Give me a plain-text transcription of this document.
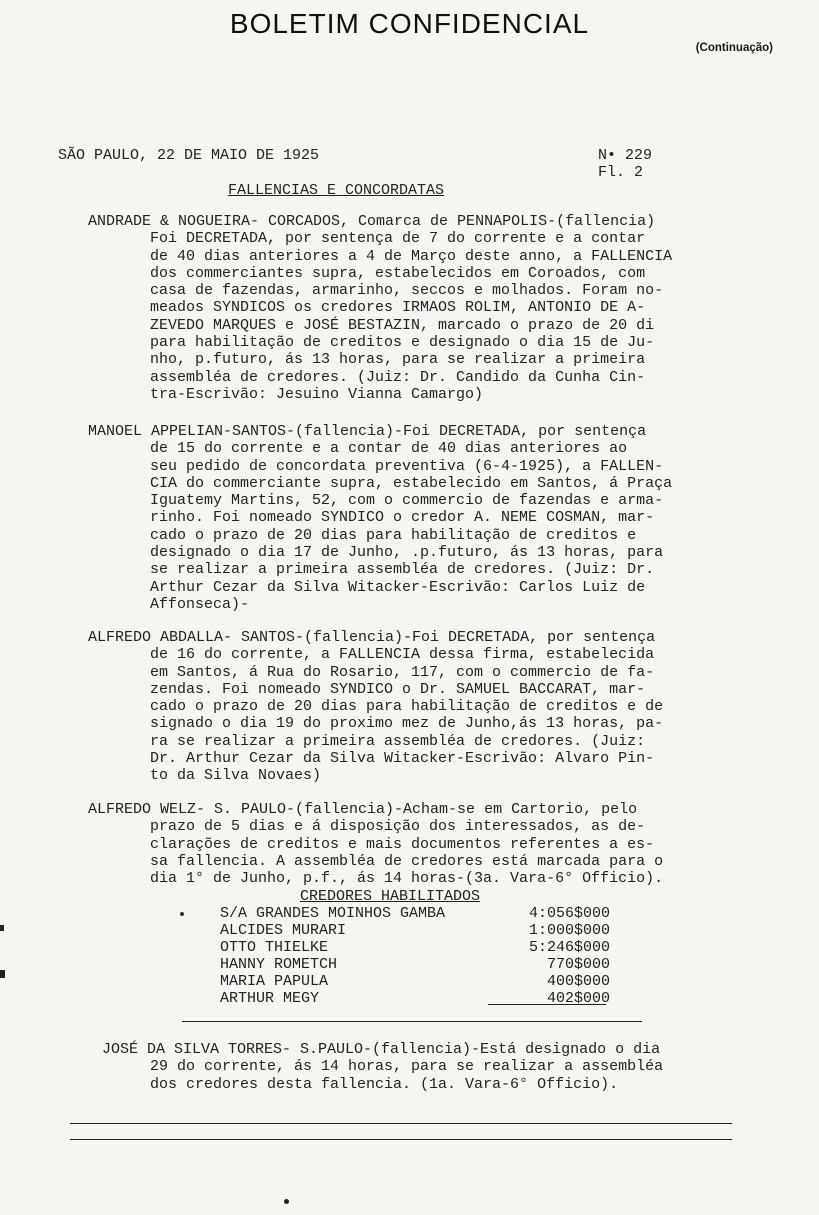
BOLETIM CONFIDENCIAL
(Continuação)
SÃO PAULO, 22 DE MAIO DE 1925	N• 229
Fl. 2
FALLENCIAS E CONCORDATAS
ANDRADE & NOGUEIRA- CORCADOS, Comarca de PENNAPOLIS-(fallencia)
Foi DECRETADA, por sentença de 7 do corrente e a contar
de 40 dias anteriores a 4 de Março deste anno, a FALLENCIA
dos commerciantes supra, estabelecidos em Coroados, com
casa de fazendas, armarinho, seccos e molhados. Foram no-
meados SYNDICOS os credores IRMAOS ROLIM, ANTONIO DE A-
ZEVEDO MARQUES e JOSÉ BESTAZIN, marcado o prazo de 20 di
para habilitação de creditos e designado o dia 15 de Ju-
nho, p.futuro, ás 13 horas, para se realizar a primeira
assembléa de credores. (Juiz: Dr. Candido da Cunha Cin-
tra-Escrivão: Jesuino Vianna Camargo)
MANOEL APPELIAN-SANTOS-(fallencia)-Foi DECRETADA, por sentença
de 15 do corrente e a contar de 40 dias anteriores ao
seu pedido de concordata preventiva (6-4-1925), a FALLEN-
CIA do commerciante supra, estabelecido em Santos, á Praça
Iguatemy Martins, 52, com o commercio de fazendas e arma-
rinho. Foi nomeado SYNDICO o credor A. NEME COSMAN, mar-
cado o prazo de 20 dias para habilitação de creditos e
designado o dia 17 de Junho, .p.futuro, ás 13 horas, para
se realizar a primeira assembléa de credores. (Juiz: Dr.
Arthur Cezar da Silva Witacker-Escrivão: Carlos Luiz de
Affonseca)-
ALFREDO ABDALLA- SANTOS-(fallencia)-Foi DECRETADA, por sentença
de 16 do corrente, a FALLENCIA dessa firma, estabelecida
em Santos, á Rua do Rosario, 117, com o commercio de fa-
zendas. Foi nomeado SYNDICO o Dr. SAMUEL BACCARAT, mar-
cado o prazo de 20 dias para habilitação de creditos e de
signado o dia 19 do proximo mez de Junho,ás 13 horas, pa-
ra se realizar a primeira assembléa de credores. (Juiz:
Dr. Arthur Cezar da Silva Witacker-Escrivão: Alvaro Pin-
to da Silva Novaes)
ALFREDO WELZ- S. PAULO-(fallencia)-Acham-se em Cartorio, pelo
prazo de 5 dias e á disposição dos interessados, as de-
clarações de creditos e mais documentos referentes a es-
sa fallencia. A assembléa de credores está marcada para o
dia 1° de Junho, p.f., ás 14 horas-(3a. Vara-6° Officio).
CREDORES HABILITADOS
S/A GRANDES MOINHOS GAMBA	4:056$000
ALCIDES MURARI	1:000$000
OTTO THIELKE	5:246$000
HANNY ROMETCH	770$000
MARIA PAPULA	400$000
ARTHUR MEGY	402$000
JOSÉ DA SILVA TORRES- S.PAULO-(fallencia)-Está designado o dia
29 do corrente, ás 14 horas, para se realizar a assembléa
dos credores desta fallencia. (1a. Vara-6° Officio).
